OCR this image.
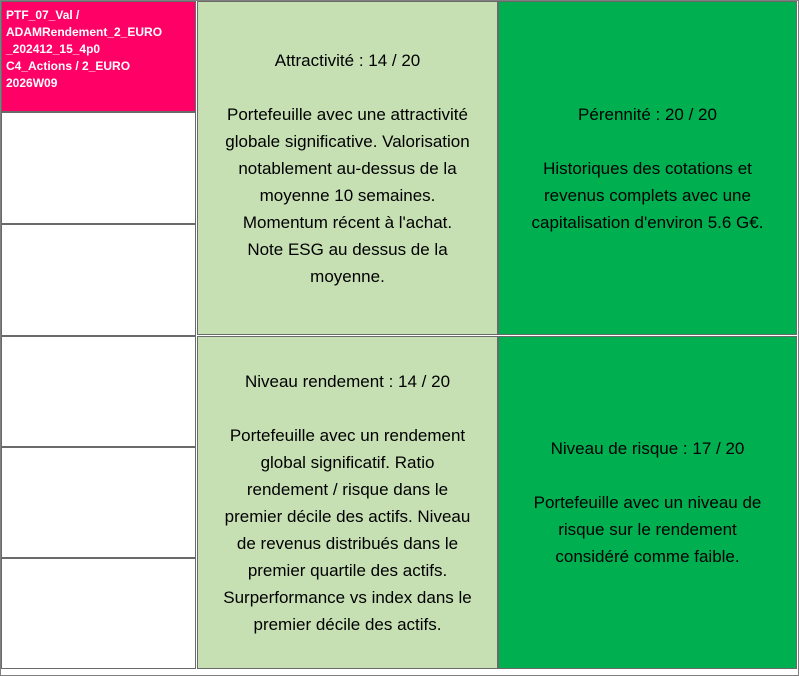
PTF_07_Val /
ADAMRendement_2_EURO
_202412_15_4p0
C4_Actions / 2_EURO
2026W09
Attractivité : 14 / 20
Portefeuille avec une attractivité
globale significative. Valorisation
notablement au-dessus de la
moyenne 10 semaines.
Momentum récent à l'achat.
Note ESG au dessus de la
moyenne.
Pérennité : 20 / 20
Historiques des cotations et
revenus complets avec une
capitalisation d'environ 5.6 G€.
Niveau rendement : 14 / 20
Portefeuille avec un rendement
global significatif. Ratio
rendement / risque dans le
premier décile des actifs. Niveau
de revenus distribués dans le
premier quartile des actifs.
Surperformance vs index dans le
premier décile des actifs.
Niveau de risque : 17 / 20
Portefeuille avec un niveau de
risque sur le rendement
considéré comme faible.
